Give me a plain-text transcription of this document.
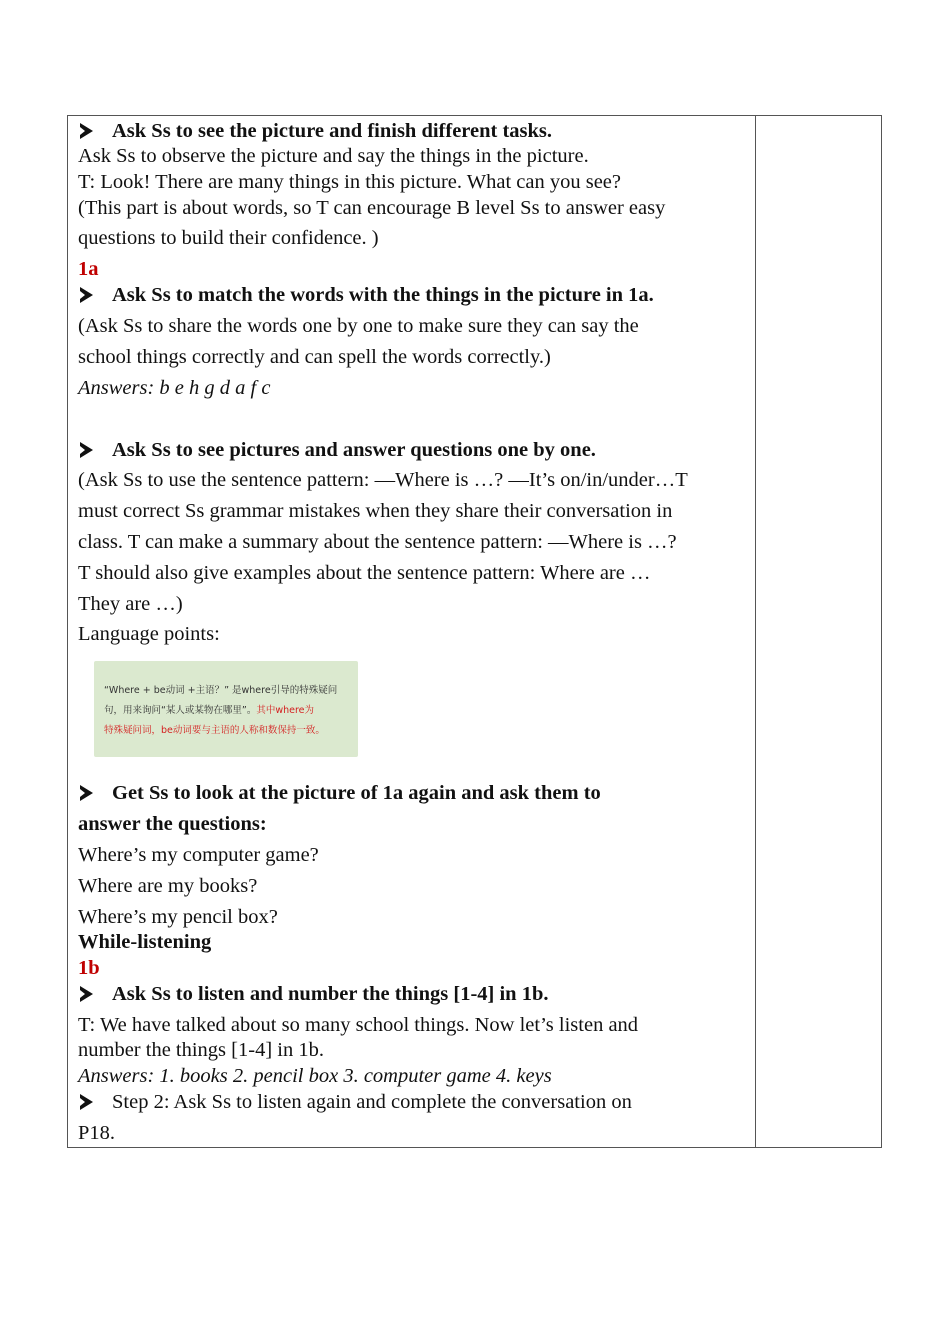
Ask Ss to see the picture and finish different tasks.
Ask Ss to observe the picture and say the things in the picture.
T: Look! There are many things in this picture. What can you see?
(This part is about words, so T can encourage B level Ss to answer easy
questions to build their confidence. )
1a
Ask Ss to match the words with the things in the picture in 1a.
(Ask Ss to share the words one by one to make sure they can say the
school things correctly and can spell the words correctly.)
Answers: b e h g d a f c
Ask Ss to see pictures and answer questions one by one.
(Ask Ss to use the sentence pattern: —Where is …? —It’s on/in/under…T
must correct Ss grammar mistakes when they share their conversation in
class. T can make a summary about the sentence pattern: —Where is …?
T should also give examples about the sentence pattern: Where are …
They are …)
Language points:
“Where + be动词 +主语？” 是where引导的特殊疑问
句，用来询问“某人或某物在哪里”。其中where为
特殊疑问词，be动词要与主语的人称和数保持一致。
Get Ss to look at the picture of 1a again and ask them to
answer the questions:
Where’s my computer game?
Where are my books?
Where’s my pencil box?
While-listening
1b
Ask Ss to listen and number the things [1-4] in 1b.
T: We have talked about so many school things. Now let’s listen and
number the things [1-4] in 1b.
Answers: 1. books 2. pencil box 3. computer game 4. keys
Step 2: Ask Ss to listen again and complete the conversation on
P18.
